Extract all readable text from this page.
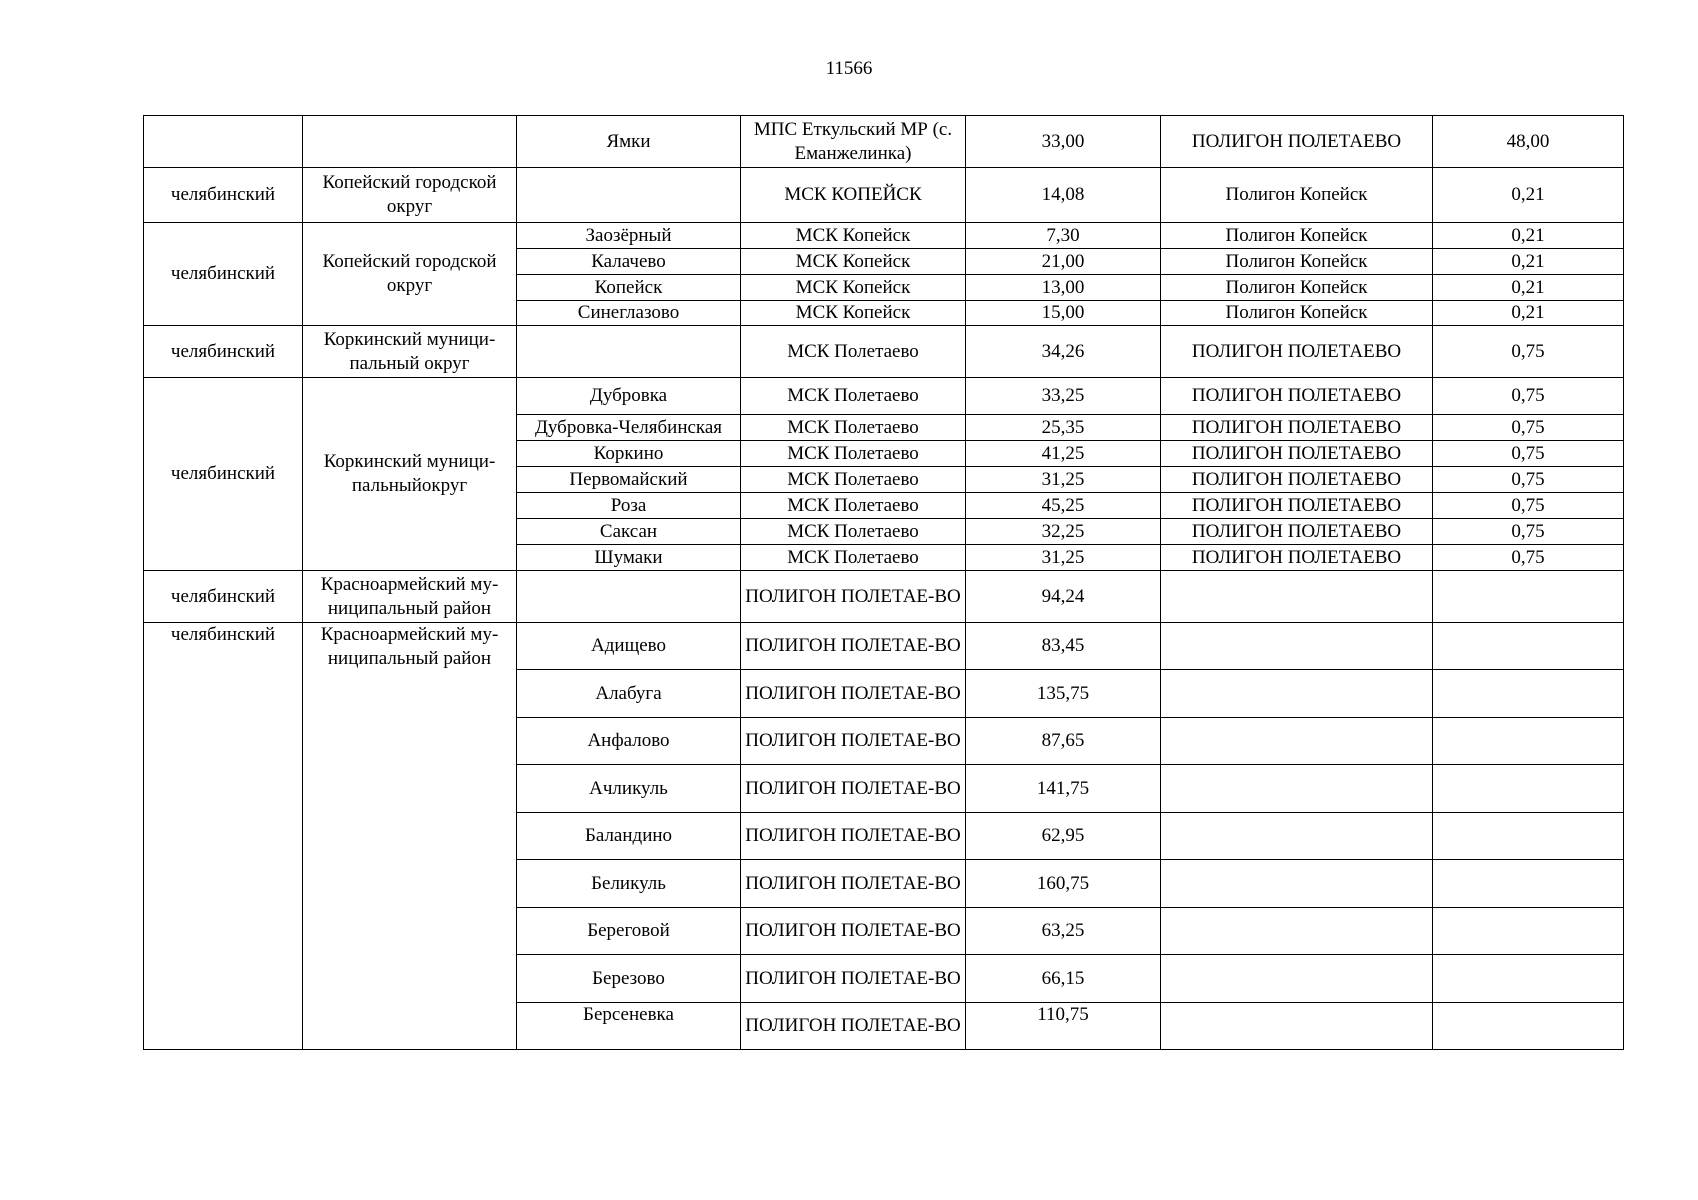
11566
		Ямки	МПС Еткульский МР (с. Еманжелинка)	33,00	ПОЛИГОН ПОЛЕТАЕВО	48,00
челябинский	Копейский городской округ		МСК КОПЕЙСК	14,08	Полигон Копейск	0,21
челябинский	Копейский городской округ	Заозёрный	МСК Копейск	7,30	Полигон Копейск	0,21
		Калачево	МСК Копейск	21,00	Полигон Копейск	0,21
		Копейск	МСК Копейск	13,00	Полигон Копейск	0,21
		Синеглазово	МСК Копейск	15,00	Полигон Копейск	0,21
челябинский	Коркинский муници-пальный округ		МСК Полетаево	34,26	ПОЛИГОН ПОЛЕТАЕВО	0,75
челябинский	Коркинский муници-пальныйокруг	Дубровка	МСК Полетаево	33,25	ПОЛИГОН ПОЛЕТАЕВО	0,75
		Дубровка-Челябинская	МСК Полетаево	25,35	ПОЛИГОН ПОЛЕТАЕВО	0,75
		Коркино	МСК Полетаево	41,25	ПОЛИГОН ПОЛЕТАЕВО	0,75
		Первомайский	МСК Полетаево	31,25	ПОЛИГОН ПОЛЕТАЕВО	0,75
		Роза	МСК Полетаево	45,25	ПОЛИГОН ПОЛЕТАЕВО	0,75
		Саксан	МСК Полетаево	32,25	ПОЛИГОН ПОЛЕТАЕВО	0,75
		Шумаки	МСК Полетаево	31,25	ПОЛИГОН ПОЛЕТАЕВО	0,75
челябинский	Красноармейский му-ниципальный район		ПОЛИГОН ПОЛЕТАЕ-ВО	94,24		
челябинский	Красноармейский му-ниципальный район	Адищево	ПОЛИГОН ПОЛЕТАЕ-ВО	83,45		
		Алабуга	ПОЛИГОН ПОЛЕТАЕ-ВО	135,75		
		Анфалово	ПОЛИГОН ПОЛЕТАЕ-ВО	87,65		
		Ачликуль	ПОЛИГОН ПОЛЕТАЕ-ВО	141,75		
		Баландино	ПОЛИГОН ПОЛЕТАЕ-ВО	62,95		
		Беликуль	ПОЛИГОН ПОЛЕТАЕ-ВО	160,75		
		Береговой	ПОЛИГОН ПОЛЕТАЕ-ВО	63,25		
		Березово	ПОЛИГОН ПОЛЕТАЕ-ВО	66,15		
		Берсеневка	ПОЛИГОН ПОЛЕТАЕ-ВО	110,75		
